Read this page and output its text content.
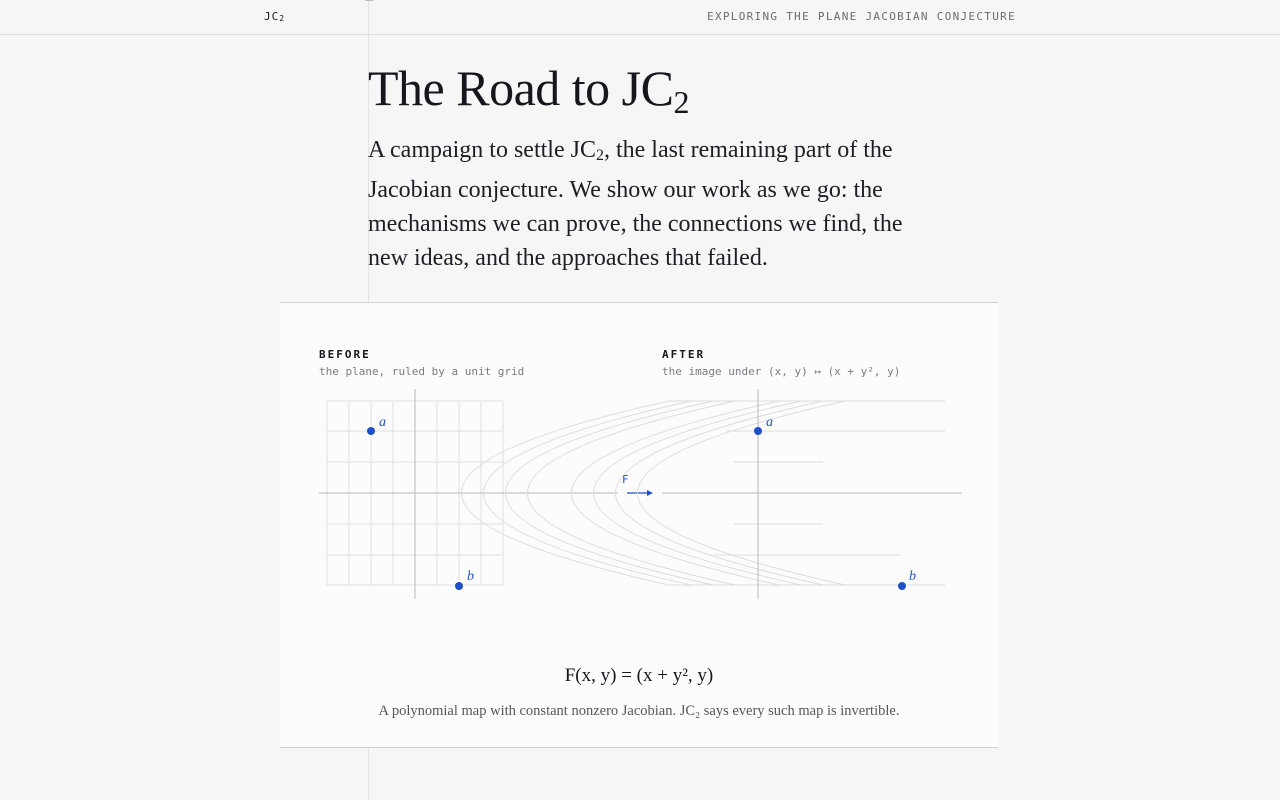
$JC_2$	EXPLORING THE PLANE JACOBIAN CONJECTURE
The Road to $JC_2$

A campaign to settle $JC_2$, the last remaining part of the Jacobian conjecture. We show our work as we go: the mechanisms we can prove, the connections we find, the new ideas, and the approaches that failed.

BEFORE
the plane, ruled by a unit grid
AFTER
the image under (x, y) ↦ (x + y², y)
a
b
F
a
b
F(x, y) = (x + y², y)
A polynomial map with constant nonzero Jacobian. JC₂ says every such map is invertible.
